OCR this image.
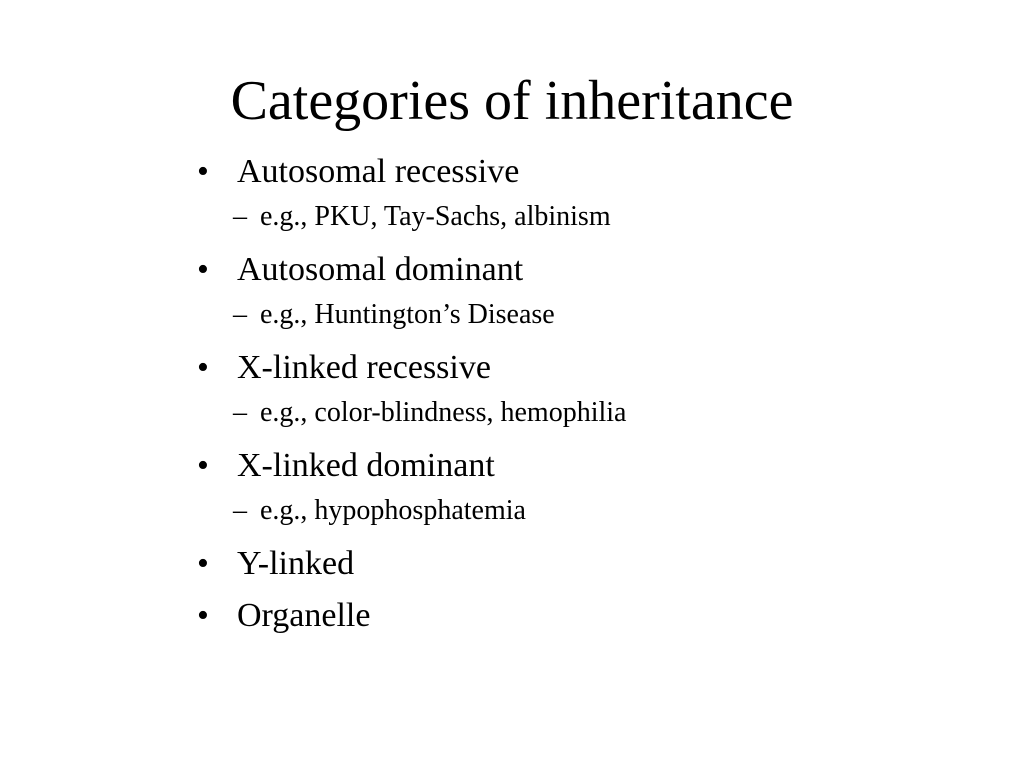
Categories of inheritance
• Autosomal recessive
– e.g., PKU, Tay-Sachs, albinism
• Autosomal dominant
– e.g., Huntington’s Disease
• X-linked recessive
– e.g., color-blindness, hemophilia
• X-linked dominant
– e.g., hypophosphatemia
• Y-linked
• Organelle
